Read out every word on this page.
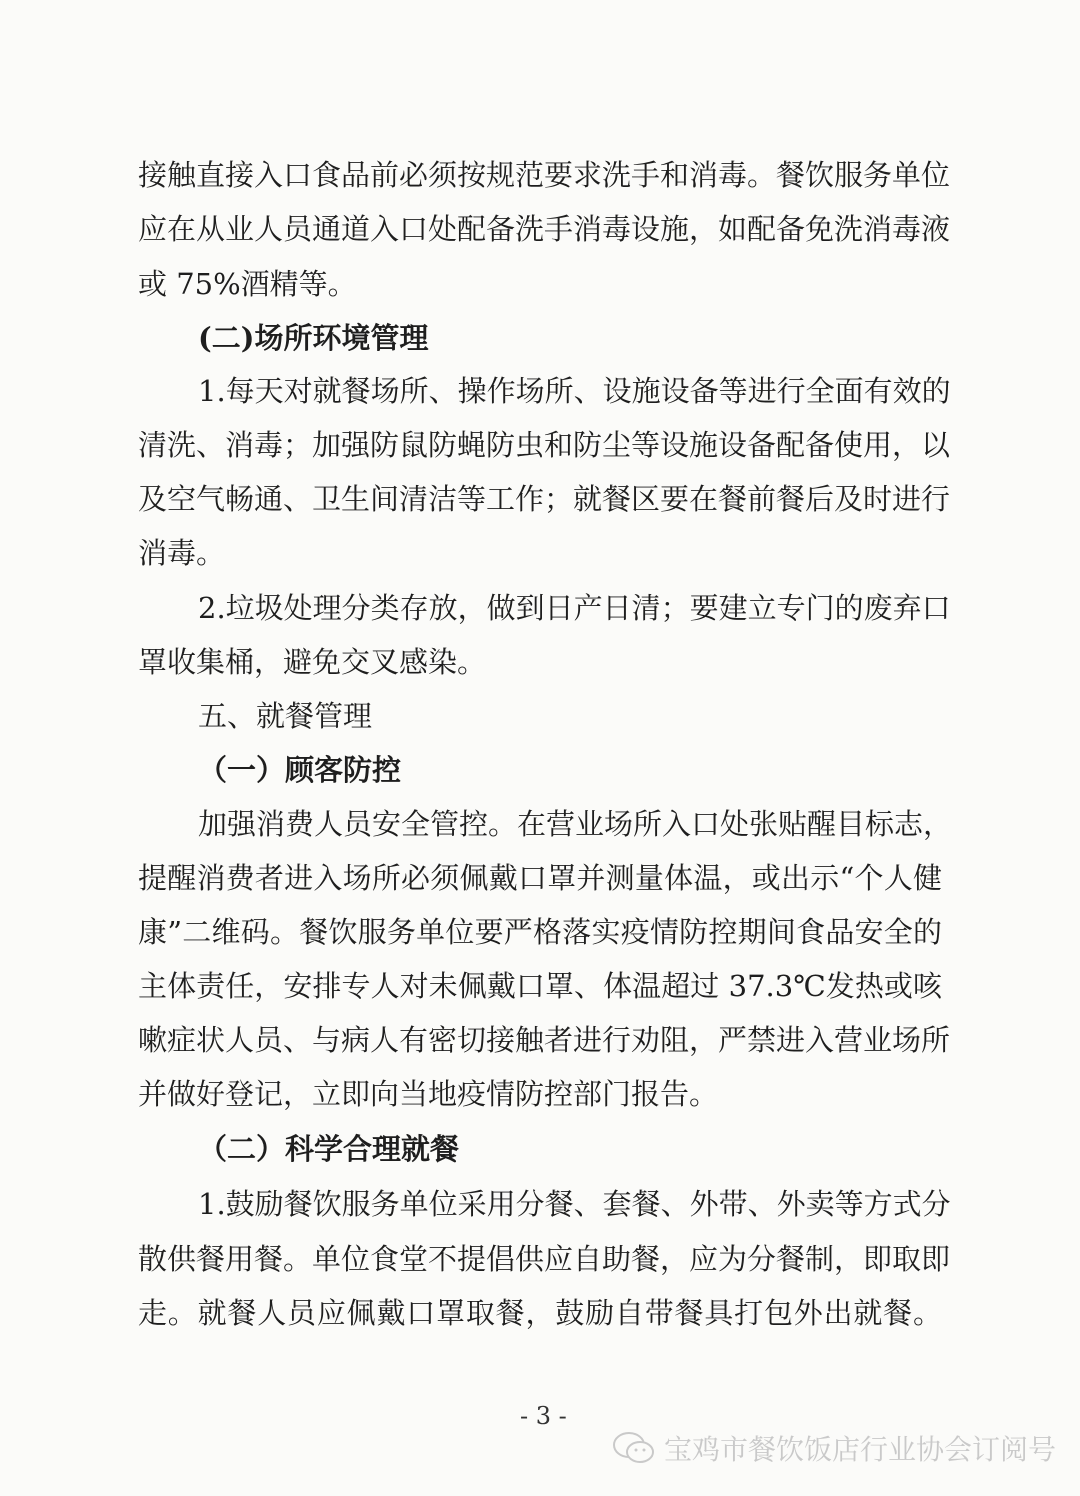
接触直接入口食品前必须按规范要求洗手和消毒。餐饮服务单位
应在从业人员通道入口处配备洗手消毒设施，如配备免洗消毒液
或 75%酒精等。
(二)场所环境管理
1.每天对就餐场所、操作场所、设施设备等进行全面有效的
清洗、消毒；加强防鼠防蝇防虫和防尘等设施设备配备使用，以
及空气畅通、卫生间清洁等工作；就餐区要在餐前餐后及时进行
消毒。
2.垃圾处理分类存放，做到日产日清；要建立专门的废弃口
罩收集桶，避免交叉感染。
五、就餐管理
（一）顾客防控
加强消费人员安全管控。在营业场所入口处张贴醒目标志，
提醒消费者进入场所必须佩戴口罩并测量体温，或出示“个人健
康”二维码。餐饮服务单位要严格落实疫情防控期间食品安全的
主体责任，安排专人对未佩戴口罩、体温超过 37.3℃发热或咳
嗽症状人员、与病人有密切接触者进行劝阻，严禁进入营业场所
并做好登记，立即向当地疫情防控部门报告。
（二）科学合理就餐
1.鼓励餐饮服务单位采用分餐、套餐、外带、外卖等方式分
散供餐用餐。单位食堂不提倡供应自助餐，应为分餐制，即取即
走。就餐人员应佩戴口罩取餐，鼓励自带餐具打包外出就餐。
- 3 -
宝鸡市餐饮饭店行业协会订阅号
